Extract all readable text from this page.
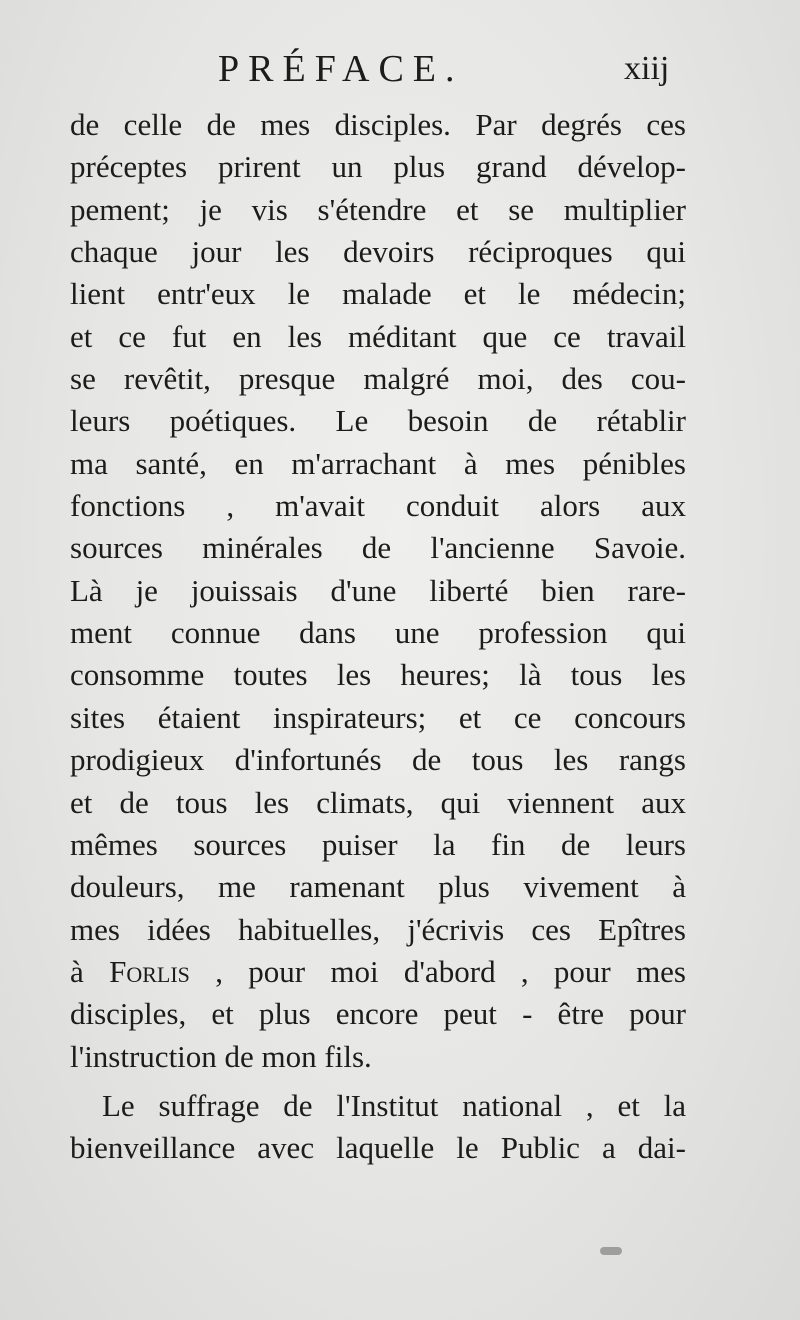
PRÉFACE.	xiij
de celle de mes disciples. Par degrés ces
préceptes prirent un plus grand dévelop-
pement; je vis s'étendre et se multiplier
chaque jour les devoirs réciproques qui
lient entr'eux le malade et le médecin;
et ce fut en les méditant que ce travail
se revêtit, presque malgré moi, des cou-
leurs poétiques. Le besoin de rétablir
ma santé, en m'arrachant à mes pénibles
fonctions , m'avait conduit alors aux
sources minérales de l'ancienne Savoie.
Là je jouissais d'une liberté bien rare-
ment connue dans une profession qui
consomme toutes les heures; là tous les
sites étaient inspirateurs; et ce concours
prodigieux d'infortunés de tous les rangs
et de tous les climats, qui viennent aux
mêmes sources puiser la fin de leurs
douleurs, me ramenant plus vivement à
mes idées habituelles, j'écrivis ces Epîtres
à Forlis , pour moi d'abord , pour mes
disciples, et plus encore peut - être pour
l'instruction de mon fils.
Le suffrage de l'Institut national , et la
bienveillance avec laquelle le Public a dai-
